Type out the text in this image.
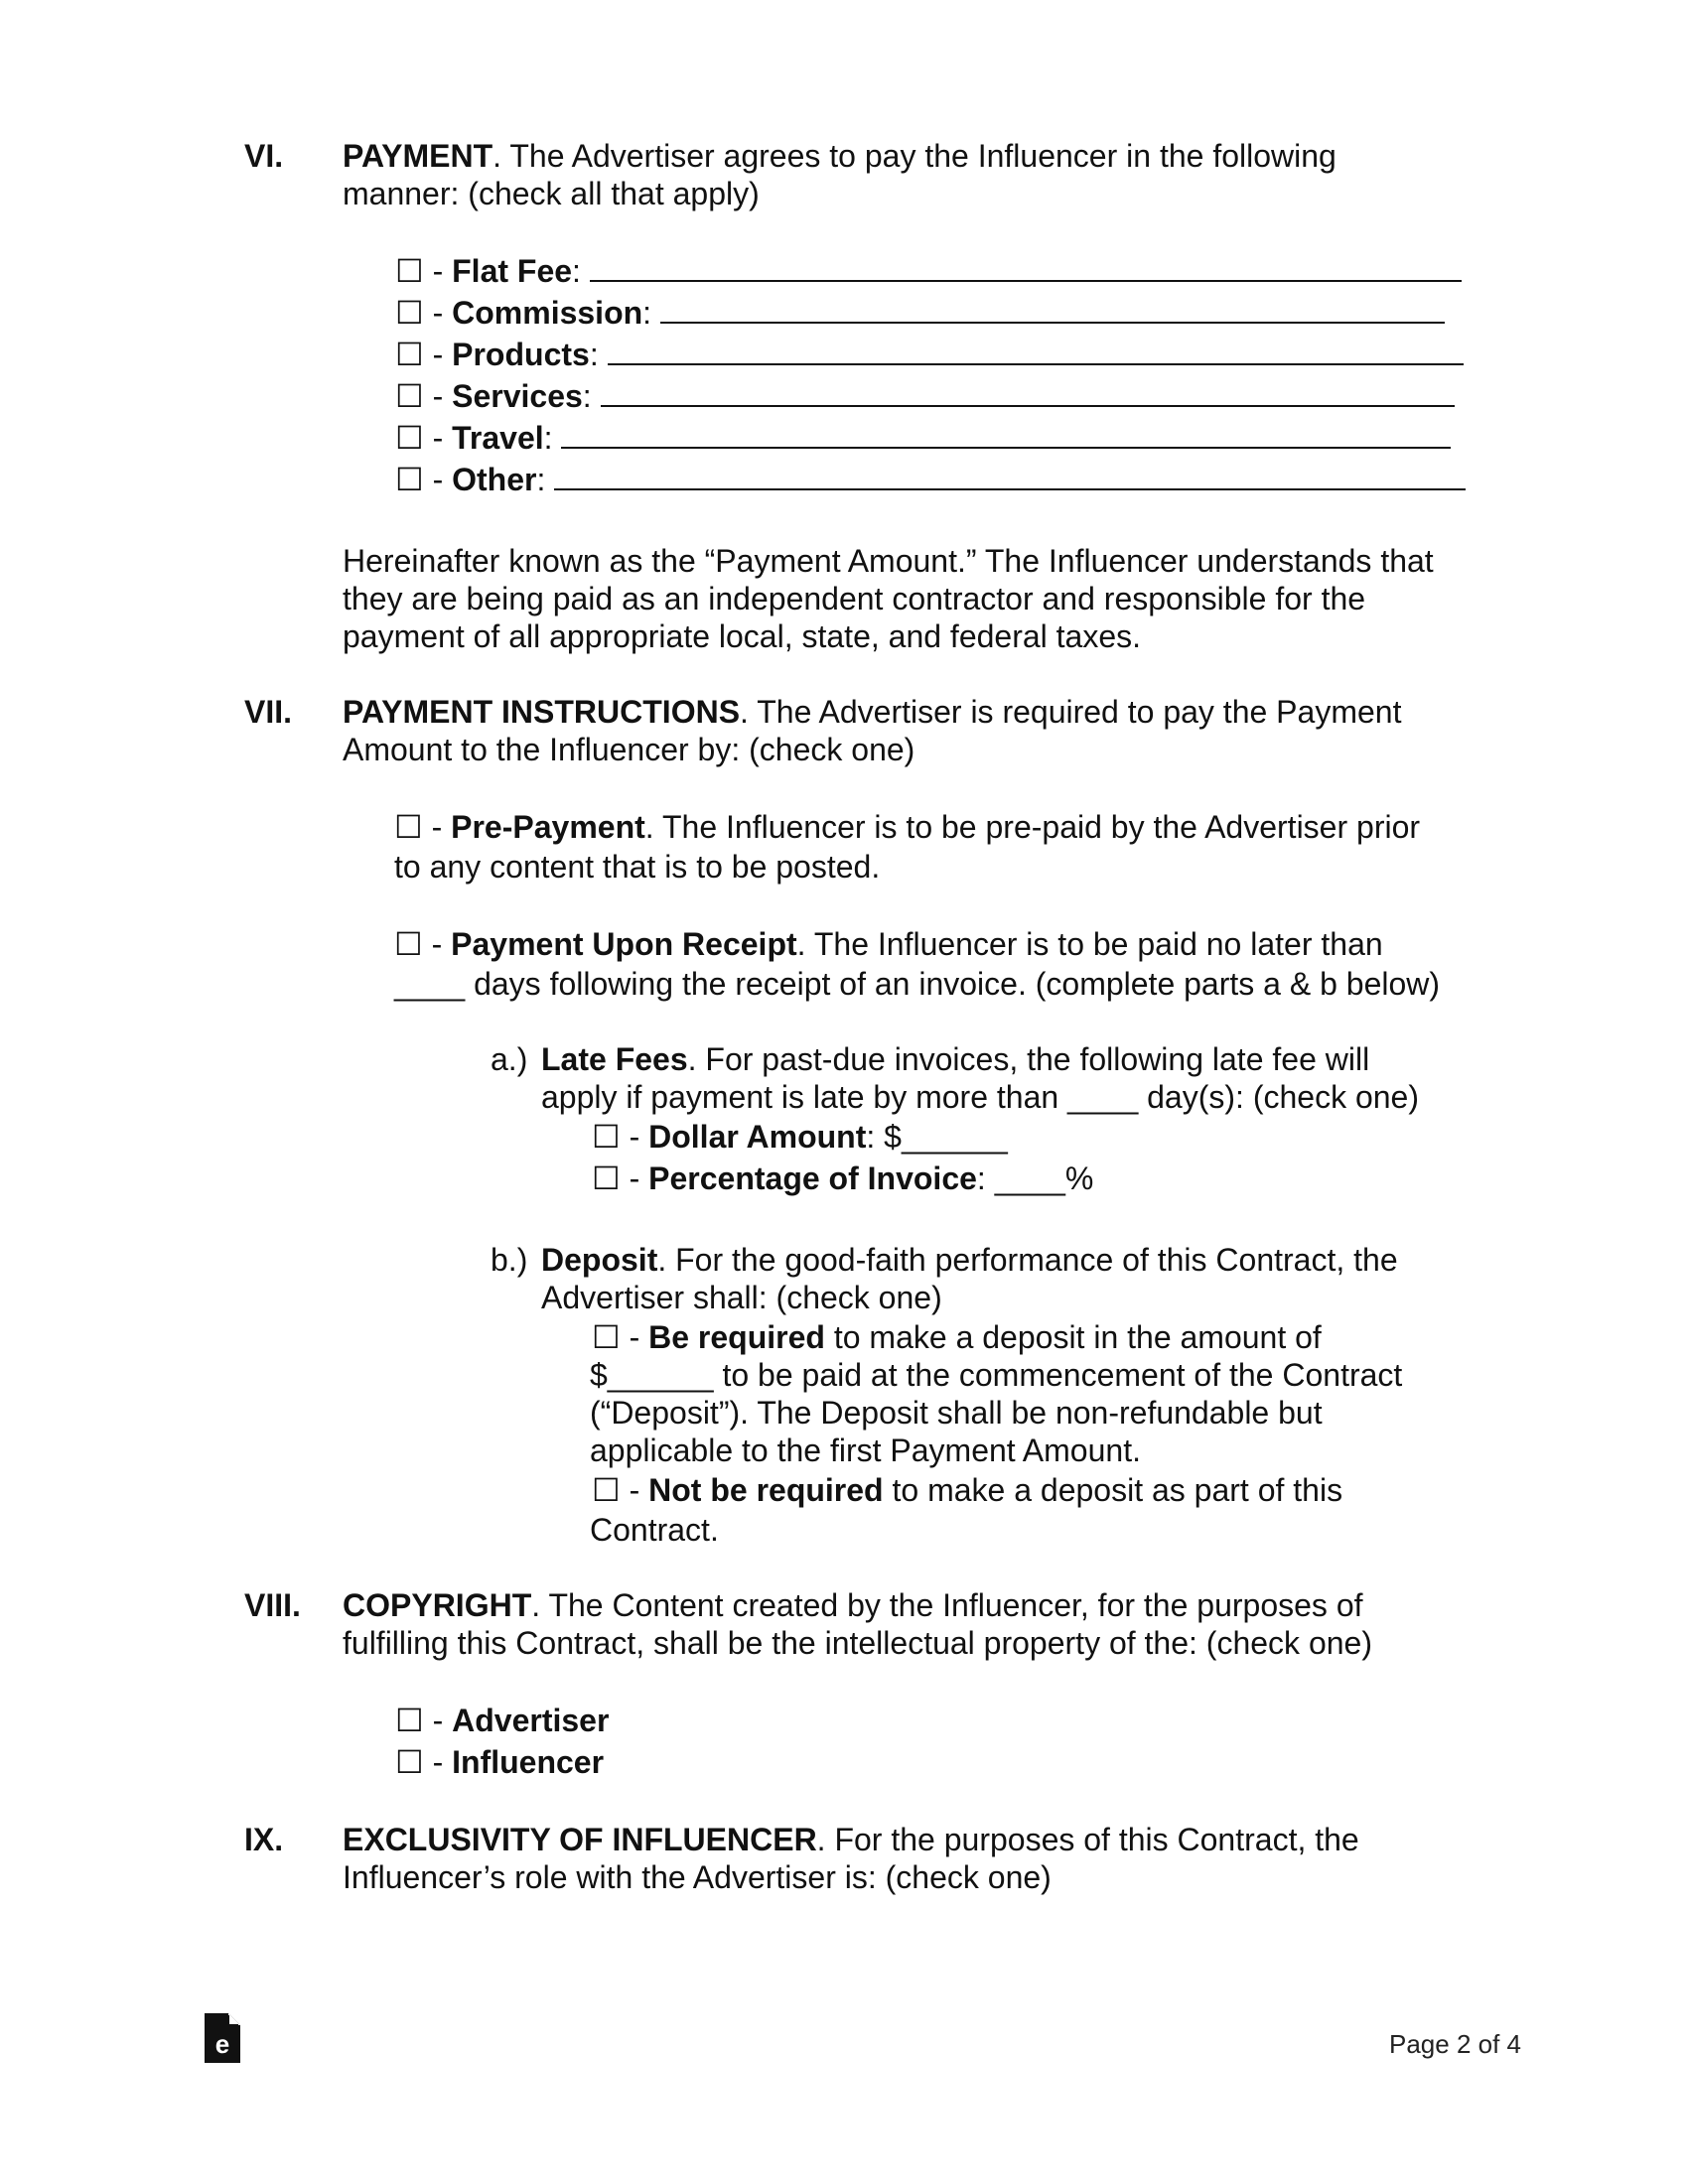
VI. PAYMENT. The Advertiser agrees to pay the Influencer in the following
manner: (check all that apply)
☐ - Flat Fee:
☐ - Commission:
☐ - Products:
☐ - Services:
☐ - Travel:
☐ - Other:
Hereinafter known as the “Payment Amount.” The Influencer understands that
they are being paid as an independent contractor and responsible for the
payment of all appropriate local, state, and federal taxes.
VII. PAYMENT INSTRUCTIONS. The Advertiser is required to pay the Payment
Amount to the Influencer by: (check one)
☐ - Pre-Payment. The Influencer is to be pre-paid by the Advertiser prior
to any content that is to be posted.
☐ - Payment Upon Receipt. The Influencer is to be paid no later than
____ days following the receipt of an invoice. (complete parts a & b below)
a.) Late Fees. For past-due invoices, the following late fee will
apply if payment is late by more than ____ day(s): (check one)
☐ - Dollar Amount: $______
☐ - Percentage of Invoice: ____%
b.) Deposit. For the good-faith performance of this Contract, the
Advertiser shall: (check one)
☐ - Be required to make a deposit in the amount of
$______ to be paid at the commencement of the Contract
(“Deposit”). The Deposit shall be non-refundable but
applicable to the first Payment Amount.
☐ - Not be required to make a deposit as part of this
Contract.
VIII. COPYRIGHT. The Content created by the Influencer, for the purposes of
fulfilling this Contract, shall be the intellectual property of the: (check one)
☐ - Advertiser
☐ - Influencer
IX. EXCLUSIVITY OF INFLUENCER. For the purposes of this Contract, the
Influencer’s role with the Advertiser is: (check one)
e	Page 2 of 4
